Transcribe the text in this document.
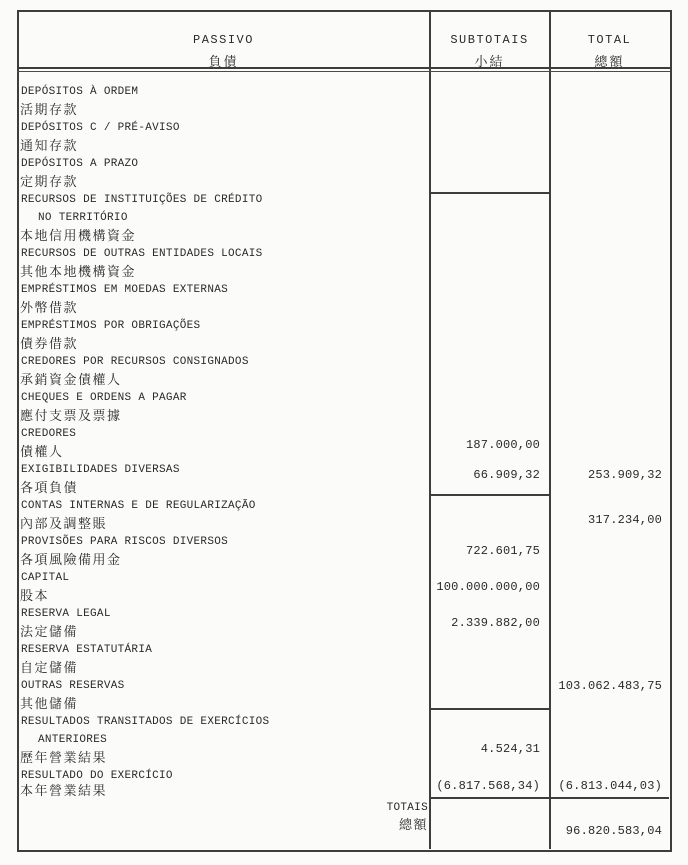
PASSIVO
負債
SUBTOTAIS
小結
TOTAL
總額
DEPÓSITOS À ORDEM
活期存款
DEPÓSITOS C / PRÉ-AVISO
通知存款
DEPÓSITOS A PRAZO
定期存款
RECURSOS DE INSTITUIÇÕES DE CRÉDITO
NO TERRITÓRIO
本地信用機構資金
RECURSOS DE OUTRAS ENTIDADES LOCAIS
其他本地機構資金
EMPRÉSTIMOS EM MOEDAS EXTERNAS
外幣借款
EMPRÉSTIMOS POR OBRIGAÇÕES
債券借款
CREDORES POR RECURSOS CONSIGNADOS
承銷資金債權人
CHEQUES E ORDENS A PAGAR
應付支票及票據
CREDORES
債權人
EXIGIBILIDADES DIVERSAS
各項負債
CONTAS INTERNAS E DE REGULARIZAÇÃO
內部及調整賬
PROVISÕES PARA RISCOS DIVERSOS
各項風險備用金
CAPITAL
股本
RESERVA LEGAL
法定儲備
RESERVA ESTATUTÁRIA
自定儲備
OUTRAS RESERVAS
其他儲備
RESULTADOS TRANSITADOS DE EXERCÍCIOS
ANTERIORES
歷年營業結果
RESULTADO DO EXERCÍCIO
本年營業結果
187.000,00
66.909,32
722.601,75
100.000.000,00
2.339.882,00
4.524,31
(6.817.568,34)
253.909,32
317.234,00
103.062.483,75
(6.813.044,03)
TOTAIS
總額	96.820.583,04
